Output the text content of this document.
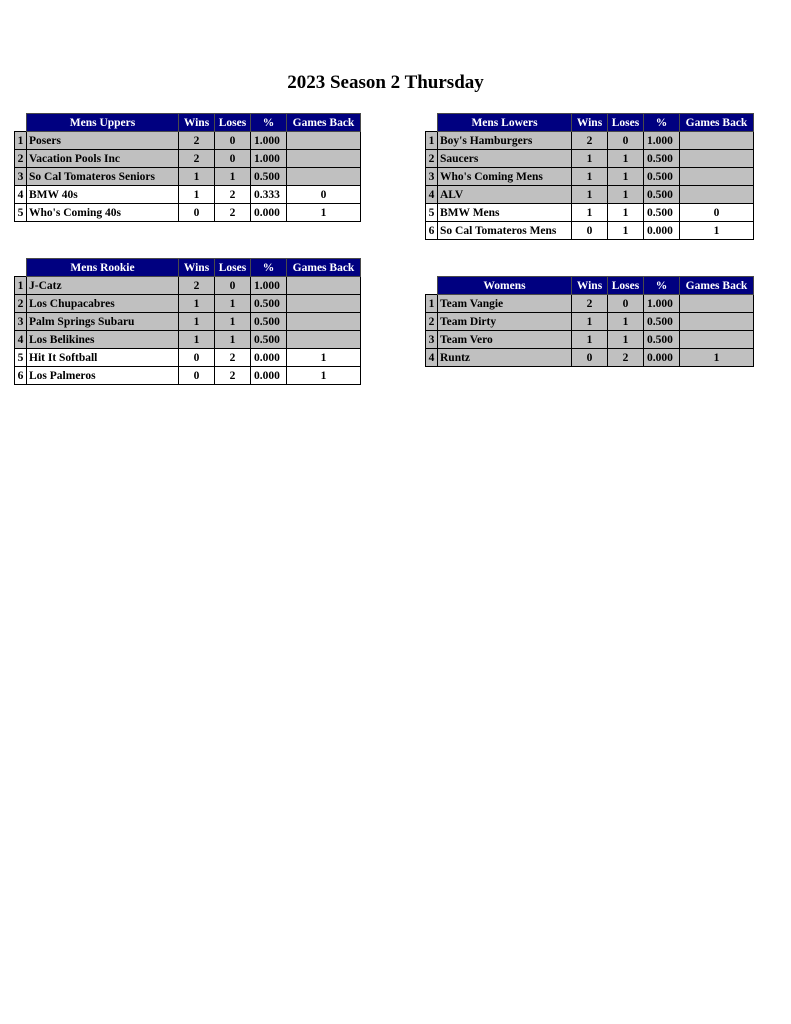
2023 Season 2 Thursday
	Mens Uppers	Wins	Loses	%	Games Back
1	Posers	2	0	1.000	
2	Vacation Pools Inc	2	0	1.000	
3	So Cal Tomateros Seniors	1	1	0.500	
4	BMW 40s	1	2	0.333	0
5	Who's Coming 40s	0	2	0.000	1
	Mens Rookie	Wins	Loses	%	Games Back
1	J-Catz	2	0	1.000	
2	Los Chupacabres	1	1	0.500	
3	Palm Springs Subaru	1	1	0.500	
4	Los Belikines	1	1	0.500	
5	Hit It Softball	0	2	0.000	1
6	Los Palmeros	0	2	0.000	1
	Mens Lowers	Wins	Loses	%	Games Back
1	Boy's Hamburgers	2	0	1.000	
2	Saucers	1	1	0.500	
3	Who's Coming Mens	1	1	0.500	
4	ALV	1	1	0.500	
5	BMW Mens	1	1	0.500	0
6	So Cal Tomateros Mens	0	1	0.000	1
	Womens	Wins	Loses	%	Games Back
1	Team Vangie	2	0	1.000	
2	Team Dirty	1	1	0.500	
3	Team Vero	1	1	0.500	
4	Runtz	0	2	0.000	1
